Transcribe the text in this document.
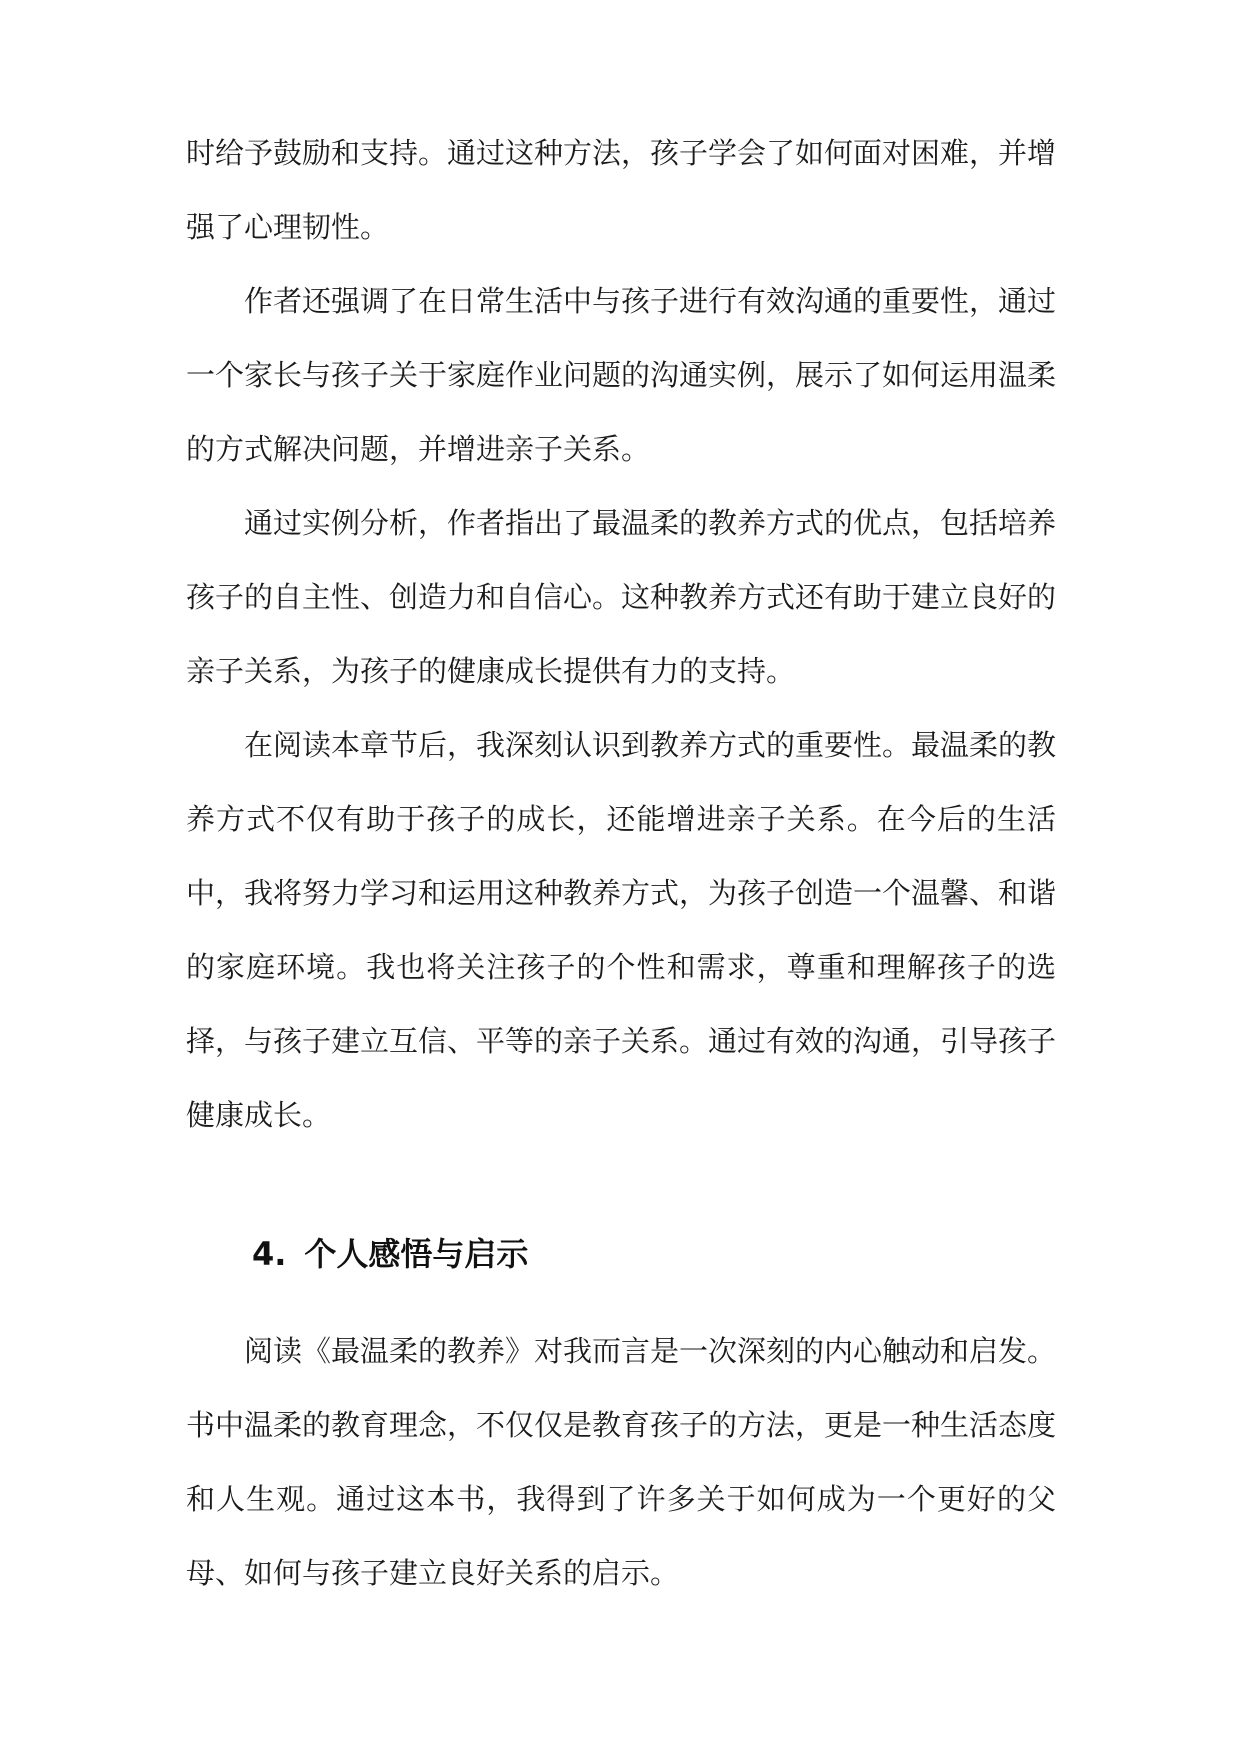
时给予鼓励和支持。通过这种方法，孩子学会了如何面对困难，并增强了心理韧性。

作者还强调了在日常生活中与孩子进行有效沟通的重要性，通过一个家长与孩子关于家庭作业问题的沟通实例，展示了如何运用温柔的方式解决问题，并增进亲子关系。

通过实例分析，作者指出了最温柔的教养方式的优点，包括培养孩子的自主性、创造力和自信心。这种教养方式还有助于建立良好的亲子关系，为孩子的健康成长提供有力的支持。

在阅读本章节后，我深刻认识到教养方式的重要性。最温柔的教养方式不仅有助于孩子的成长，还能增进亲子关系。在今后的生活中，我将努力学习和运用这种教养方式，为孩子创造一个温馨、和谐的家庭环境。我也将关注孩子的个性和需求，尊重和理解孩子的选择，与孩子建立互信、平等的亲子关系。通过有效的沟通，引导孩子健康成长。

4. 个人感悟与启示

阅读《最温柔的教养》对我而言是一次深刻的内心触动和启发。书中温柔的教育理念，不仅仅是教育孩子的方法，更是一种生活态度和人生观。通过这本书，我得到了许多关于如何成为一个更好的父母、如何与孩子建立良好关系的启示。
